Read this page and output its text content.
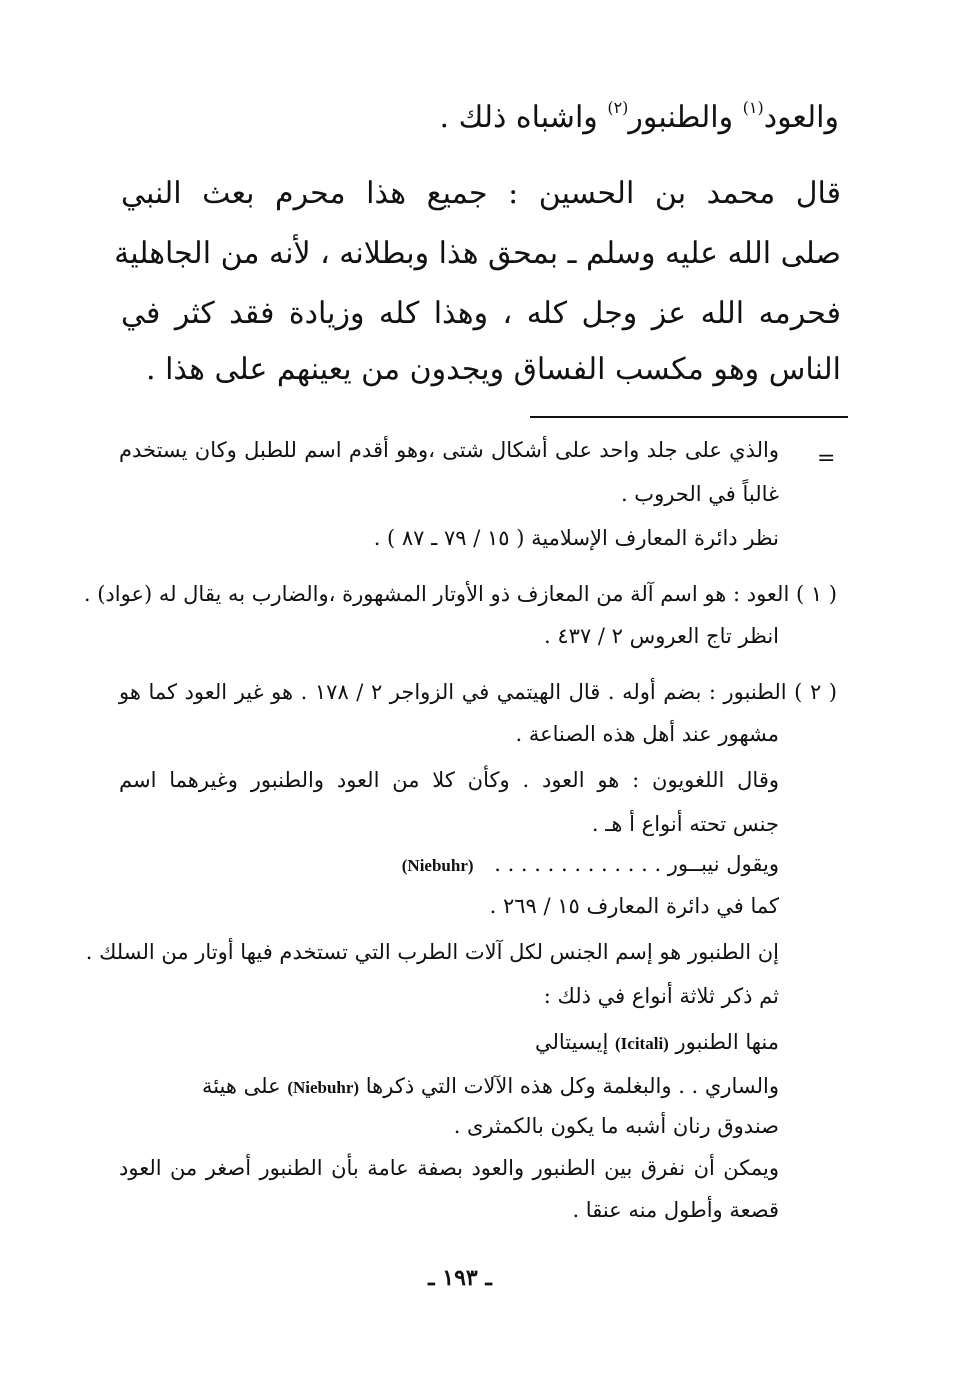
والعود$^{(١)}$ والطنبور$^{(٢)}$ واشباه ذلك .
قال محمد بن الحسين : جميع هذا محرم بعث النبي
صلى الله عليه وسلم ـ بمحق هذا وبطلانه ، لأنه من الجاهلية
فحرمه الله عز وجل كله ، وهذا كله وزيادة فقد كثر في
الناس وهو مكسب الفساق ويجدون من يعينهم على هذا .
=
والذي على جلد واحد على أشكال شتى ،وهو أقدم اسم للطبل وكان يستخدم
غالباً في الحروب .
نظر دائرة المعارف الإسلامية ( ١٥ / ٧٩ ـ ٨٧ ) .
( ١ ) العود : هو اسم آلة من المعازف ذو الأوتار المشهورة ،والضارب به يقال له (عواد) .
انظر تاج العروس ٢ / ٤٣٧ .
( ٢ ) الطنبور : بضم أوله . قال الهيتمي في الزواجر ٢ / ١٧٨ . هو غير العود كما هو
مشهور عند أهل هذه الصناعة .
وقال اللغويون : هو العود . وكأن كلا من العود والطنبور وغيرهما اسم
جنس تحته أنواع أ هـ .
ويقول نيبــور . . . . . . . . . . . . . (Niebuhr)
كما في دائرة المعارف ١٥ / ٢٦٩ .
إن الطنبور هو إسم الجنس لكل آلات الطرب التي تستخدم فيها أوتار من السلك .
ثم ذكر ثلاثة أنواع في ذلك :
منها الطنبور (Icitali) إيسيتالي
والساري . . والبغلمة وكل هذه الآلات التي ذكرها (Niebuhr) على هيئة
صندوق رنان أشبه ما يكون بالكمثرى .
ويمكن أن نفرق بين الطنبور والعود بصفة عامة بأن الطنبور أصغر من العود
قصعة وأطول منه عنقا .
ـ ١٩٣ ـ
